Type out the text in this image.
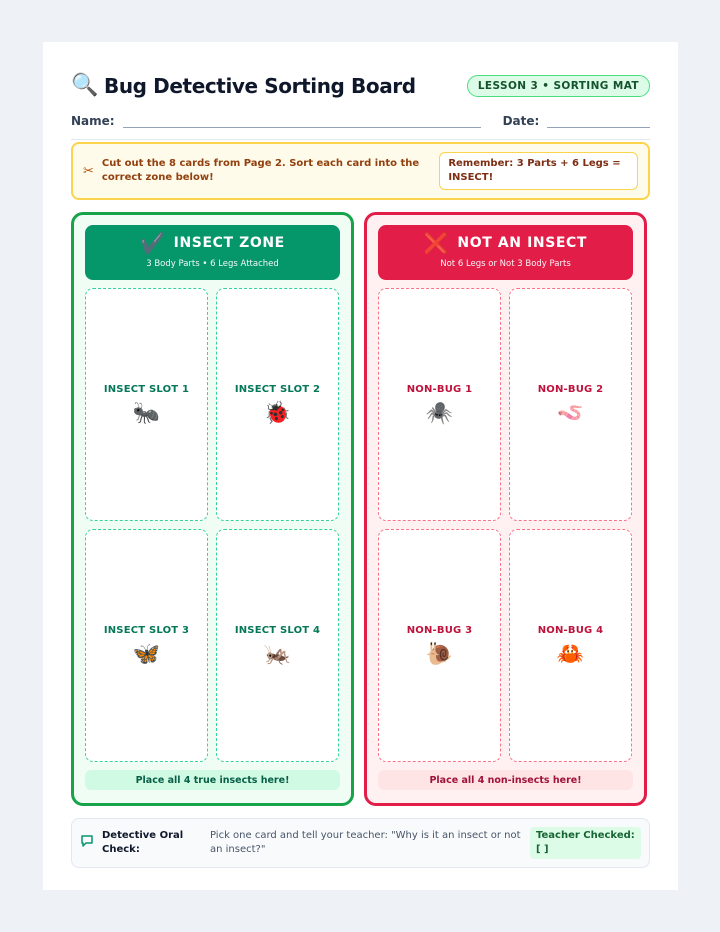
🔍 Bug Detective Sorting Board	LESSON 3 • SORTING MAT
Name:	Date:
✂ Cut out the 8 cards from Page 2. Sort each card into the correct zone below!
Remember: 3 Parts + 6 Legs = INSECT!
✔️ INSECT ZONE
3 Body Parts • 6 Legs Attached
INSECT SLOT 1
🐜
INSECT SLOT 2
🐞
INSECT SLOT 3
🦋
INSECT SLOT 4
🦗
Place all 4 true insects here!
❌ NOT AN INSECT
Not 6 Legs or Not 3 Body Parts
NON-BUG 1
🕷️
NON-BUG 2
🪱
NON-BUG 3
🐌
NON-BUG 4
🦀
Place all 4 non-insects here!
Detective Oral Check:
Pick one card and tell your teacher: "Why is it an insect or not an insect?"
Teacher Checked: [ ]
